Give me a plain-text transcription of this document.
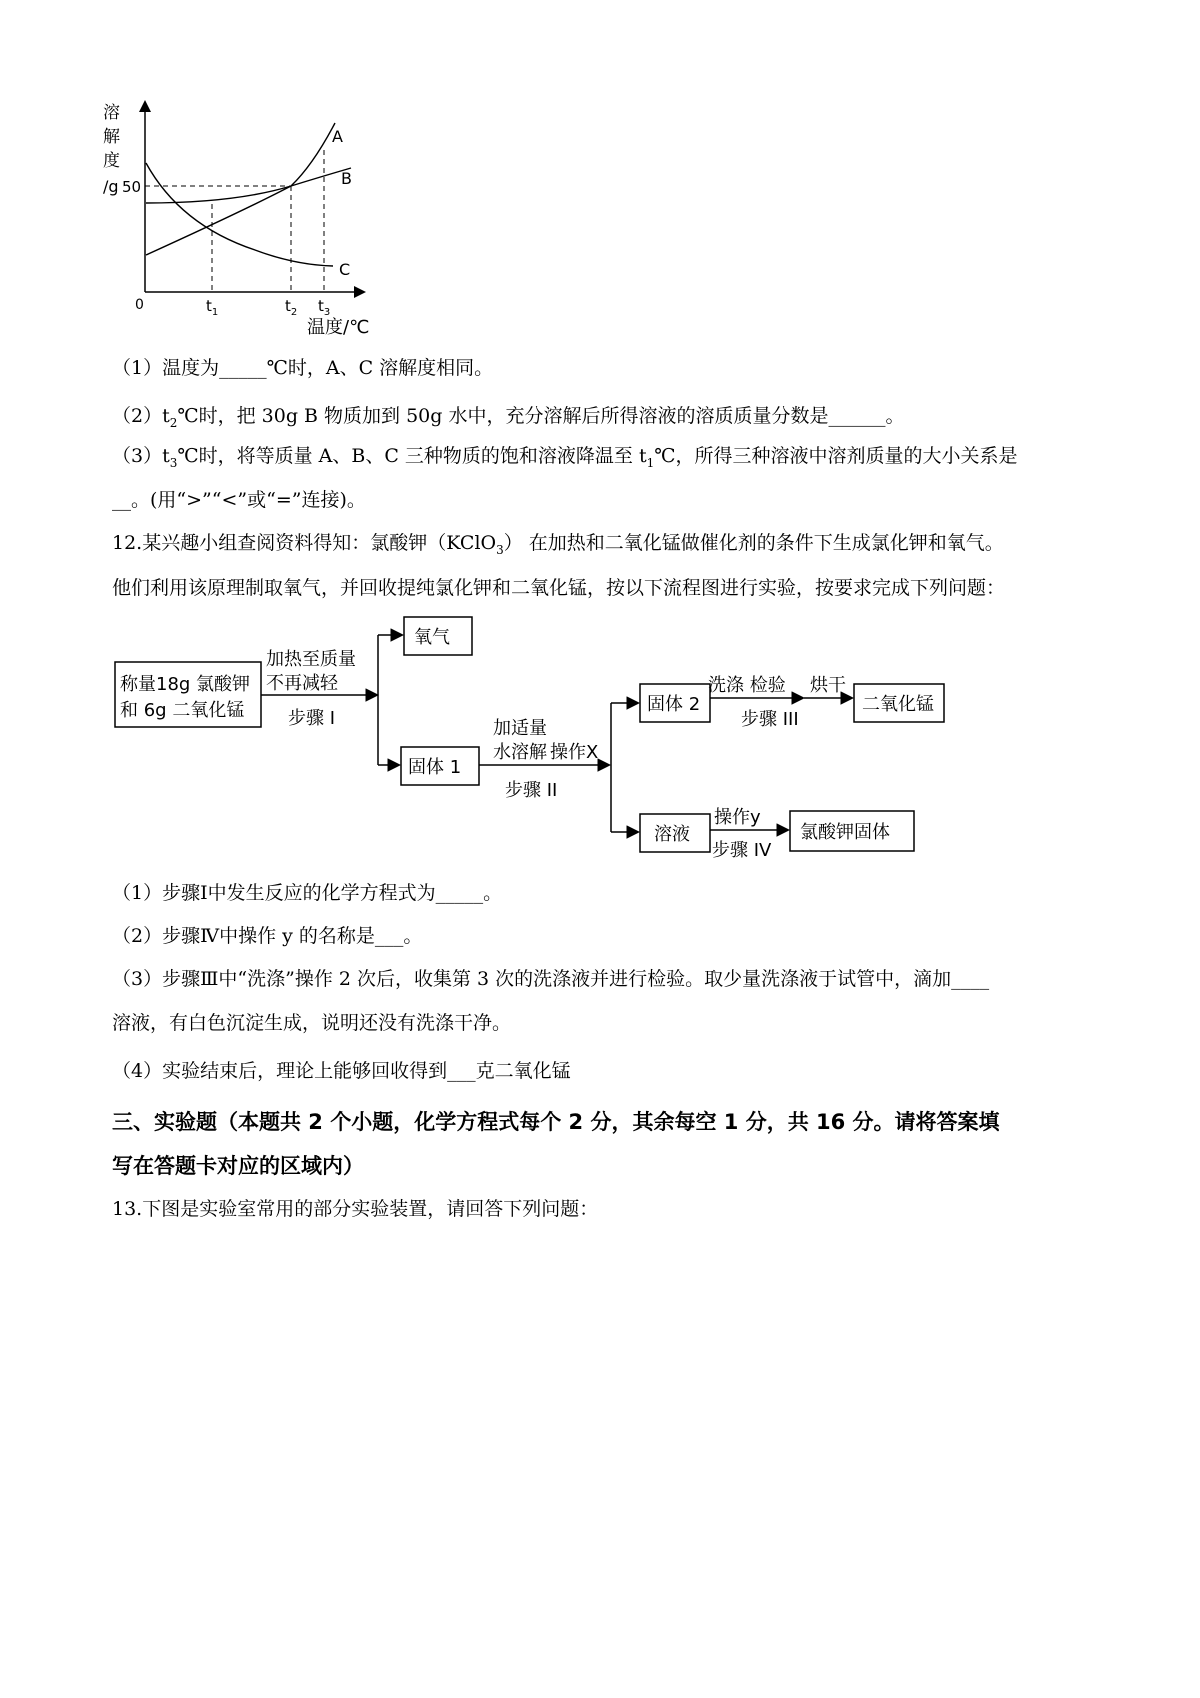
溶
解
度
/g 50
0
A
B
C
$t_1$	$t_2$ $t_3$
温度/℃
（1）温度为_____℃时，A、C 溶解度相同。
$(2)t_2℃$时，把 30g B 物质加到 50g 水中，充分溶解后所得溶液的溶质质量分数是______。
$(3)t_3℃$时，将等质量 A、B、C 三种物质的饱和溶液降温至 $t_1℃$，所得三种溶液中溶剂质量的大小关系是
__。(用“>”“<”或“=”连接)。
12.某兴趣小组查阅资料得知：氯酸钾（KClO$_3$） 在加热和二氧化锰做催化剂的条件下生成氯化钾和氧气。
他们利用该原理制取氧气，并回收提纯氯化钾和二氧化锰，按以下流程图进行实验，按要求完成下列问题：
称量18g 氯酸钾
和 6g 二氧化锰
加热至质量
不再减轻
步骤 I
氧气
固体 1
加适量
水溶解 操作X
步骤 II
固体 2
洗涤 检验
步骤 III
烘干
二氧化锰
溶液
操作y
步骤 IV
氯酸钾固体
（1）步骤Ⅰ中发生反应的化学方程式为_____。
（2）步骤Ⅳ中操作 y 的名称是___。
（3）步骤Ⅲ中“洗涤”操作 2 次后，收集第 3 次的洗涤液并进行检验。取少量洗涤液于试管中，滴加____
溶液，有白色沉淀生成，说明还没有洗涤干净。
（4）实验结束后，理论上能够回收得到___克二氧化锰
三、实验题（本题共 2 个小题，化学方程式每个 2 分，其余每空 1 分，共 16 分。请将答案填
写在答题卡对应的区域内）
13.下图是实验室常用的部分实验装置，请回答下列问题：
